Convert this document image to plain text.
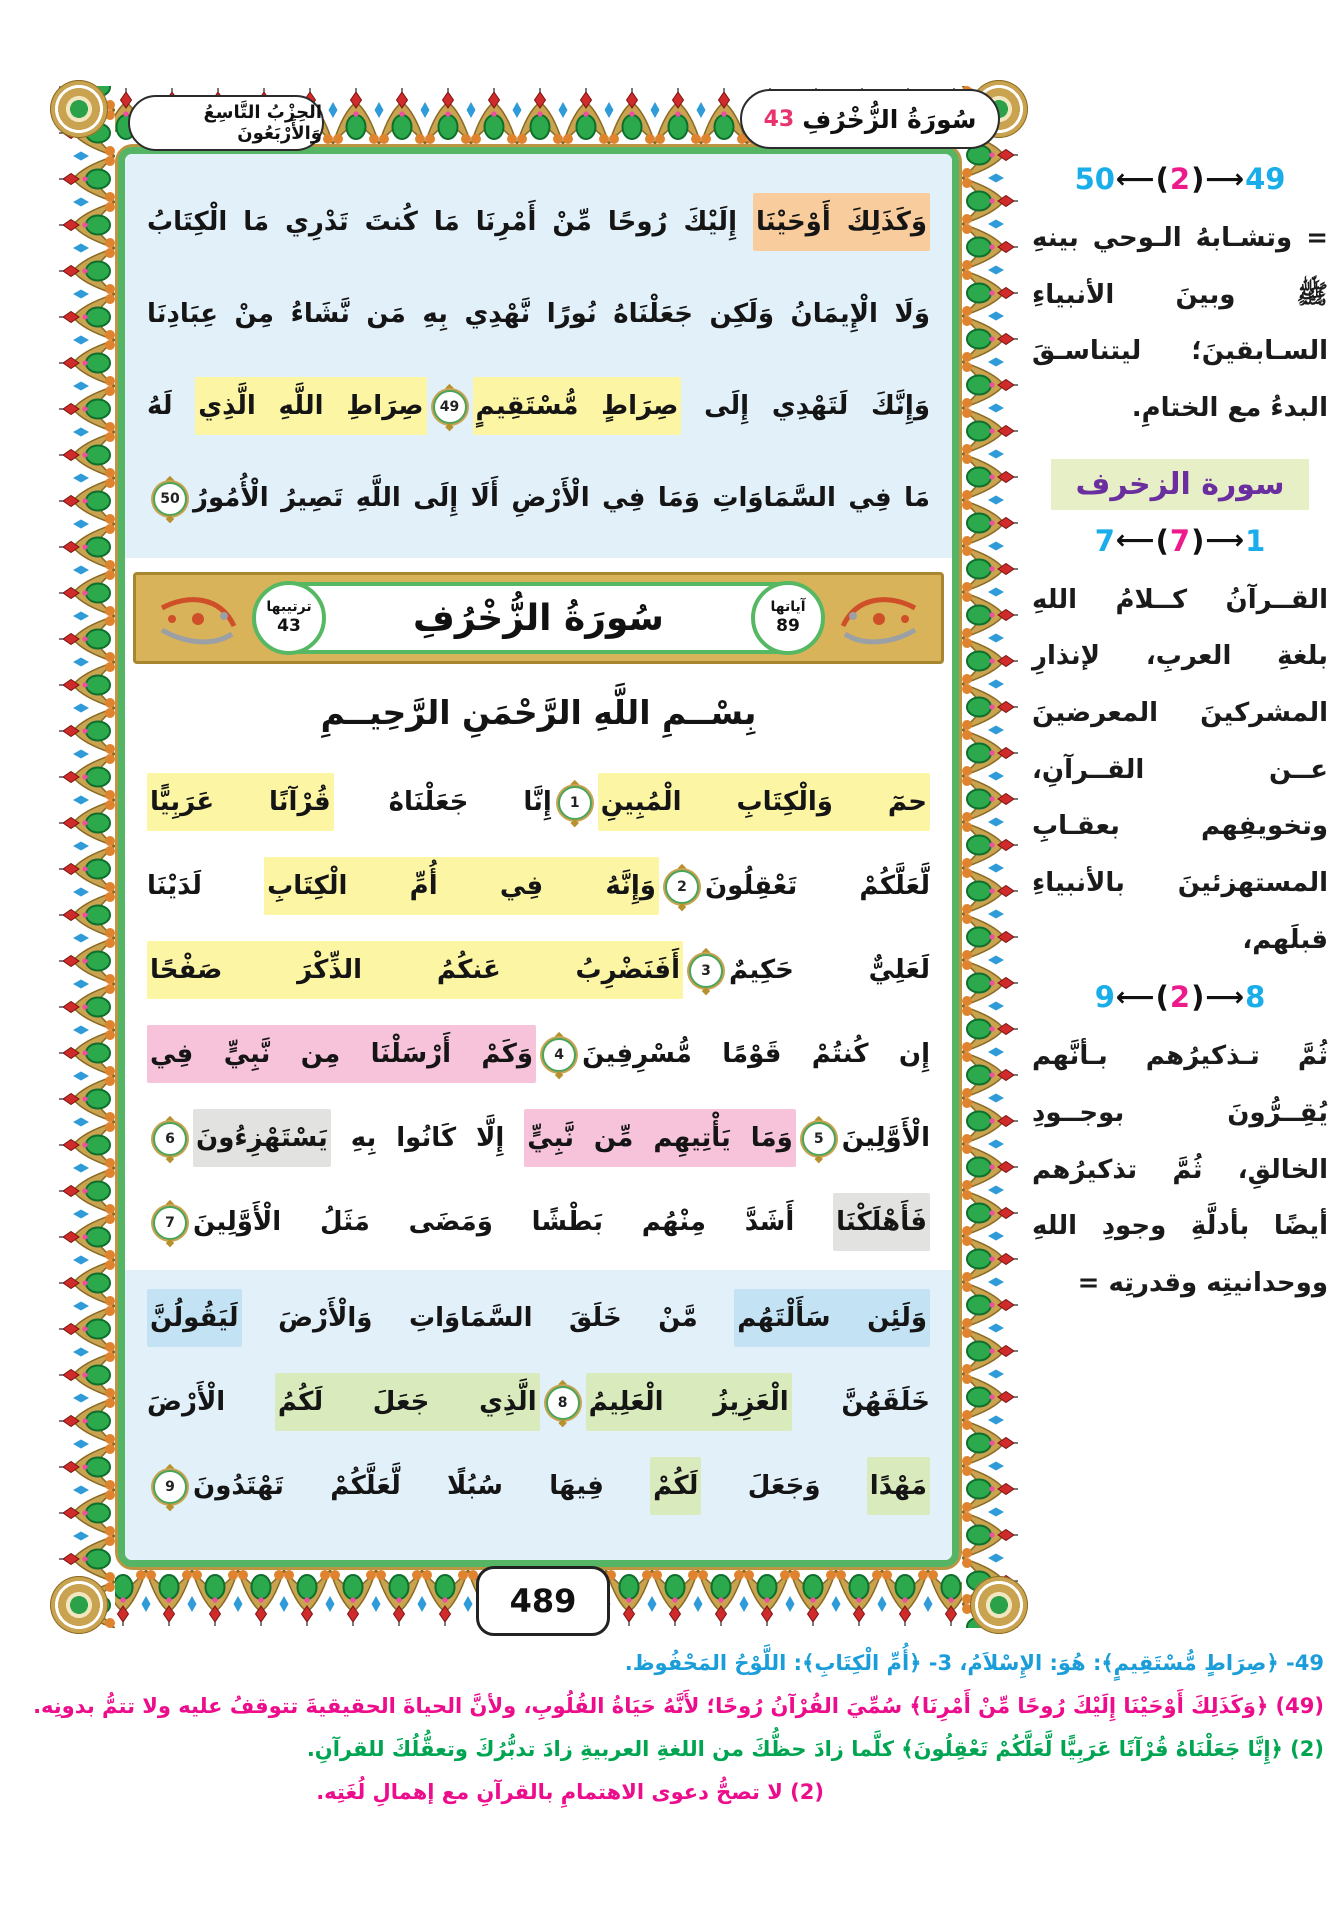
الحِزْبُ التَّاسِعُ وَالأَرْبَعُونَ	سُورَةُ الزُّخْرُفِ
43
وَكَذَلِكَ أَوْحَيْنَا إِلَيْكَ رُوحًا مِّنْ أَمْرِنَا مَا كُنتَ تَدْرِي مَا الْكِتَابُ
وَلَا الْإِيمَانُ وَلَكِن جَعَلْنَاهُ نُورًا نَّهْدِي بِهِ مَن نَّشَاءُ مِنْ عِبَادِنَا
وَإِنَّكَ لَتَهْدِي إِلَى صِرَاطٍ مُّسْتَقِيمٍ
◆ 49
◆صِرَاطِ اللَّهِ الَّذِي لَهُ
مَا فِي السَّمَاوَاتِ وَمَا فِي الْأَرْضِ أَلَا إِلَى اللَّهِ تَصِيرُ الْأُمُورُ
◆ 50
◆
آياتها
89
ترتيبها
43	سُورَةُ الزُّخْرُفِ
بِسْــمِ اللَّهِ الرَّحْمَنِ الرَّحِيــمِ
حمٓ وَالْكِتَابِ الْمُبِينِ
◆ 1
◆إِنَّا جَعَلْنَاهُ قُرْآنًا عَرَبِيًّا
لَّعَلَّكُمْ تَعْقِلُونَ
◆ 2
◆وَإِنَّهُ فِي أُمِّ الْكِتَابِ لَدَيْنَا
لَعَلِيٌّ حَكِيمٌ
◆ 3
◆أَفَنَضْرِبُ عَنكُمُ الذِّكْرَ صَفْحًا
إِن كُنتُمْ قَوْمًا مُّسْرِفِينَ
◆ 4
◆وَكَمْ أَرْسَلْنَا مِن نَّبِيٍّ فِي
الْأَوَّلِينَ
◆ 5
◆وَمَا يَأْتِيهِم مِّن نَّبِيٍّ إِلَّا كَانُوا بِهِ يَسْتَهْزِءُونَ
◆ 6
◆
فَأَهْلَكْنَا أَشَدَّ مِنْهُم بَطْشًا وَمَضَى مَثَلُ الْأَوَّلِينَ
◆ 7
◆
وَلَئِن سَأَلْتَهُم مَّنْ خَلَقَ السَّمَاوَاتِ وَالْأَرْضَ لَيَقُولُنَّ
خَلَقَهُنَّ الْعَزِيزُ الْعَلِيمُ
◆ 8
◆الَّذِي جَعَلَ لَكُمُ الْأَرْضَ
مَهْدًا وَجَعَلَ لَكُمْ فِيهَا سُبُلًا لَّعَلَّكُمْ تَهْتَدُونَ
◆ 9
◆
489
50 ⟵ ( 2 ) ⟶ 49
= وتشـابهُ الـوحي بينهِ ﷺ وبينَ الأنبياءِ السـابقينَ؛ ليتناسـقَ البدءُ مع الختامِ.
سورة الزخرف
7 ⟵ ( 7 ) ⟶ 1
القــرآنُ كــلامُ اللهِ بلغةِ العربِ، لإنذارِ المشركينَ المعرضينَ عــن القــرآنِ، وتخويفِهم بعقـابِ المستهزئينَ بالأنبياءِ قبلَهم،
9 ⟵ ( 2 ) ⟶ 8
ثُمَّ تـذكيرُهم بـأنَّهم يُقِــرُّونَ بوجــودِ الخالقِ، ثُمَّ تذكيرُهم أيضًا بأدلَّةِ وجودِ اللهِ ووحدانيتِه وقدرتِه =
49- ﴿صِرَاطٍ مُّسْتَقِيمٍ﴾: هُوَ: الإِسْلاَمُ، 3- ﴿أُمِّ الْكِتَابِ﴾: اللَّوْحُ المَحْفُوظ.
(49) ﴿وَكَذَلِكَ أَوْحَيْنَا إِلَيْكَ رُوحًا مِّنْ أَمْرِنَا﴾ سُمِّيَ القُرْآنُ رُوحًا؛ لأَنَّهُ حَيَاةُ القُلُوبِ، ولأنَّ الحياةَ الحقيقيةَ تتوقفُ عليه ولا تتمُّ بدونِه.
(2) ﴿إِنَّا جَعَلْنَاهُ قُرْآنًا عَرَبِيًّا لَّعَلَّكُمْ تَعْقِلُونَ﴾ كلَّما زادَ حظُّكَ من اللغةِ العربيةِ زادَ تدبُّرُكَ وتعقُّلُكَ للقرآنِ.
(2) لا تصحُّ دعوى الاهتمامِ بالقرآنِ مع إهمالِ لُغَتِه.
